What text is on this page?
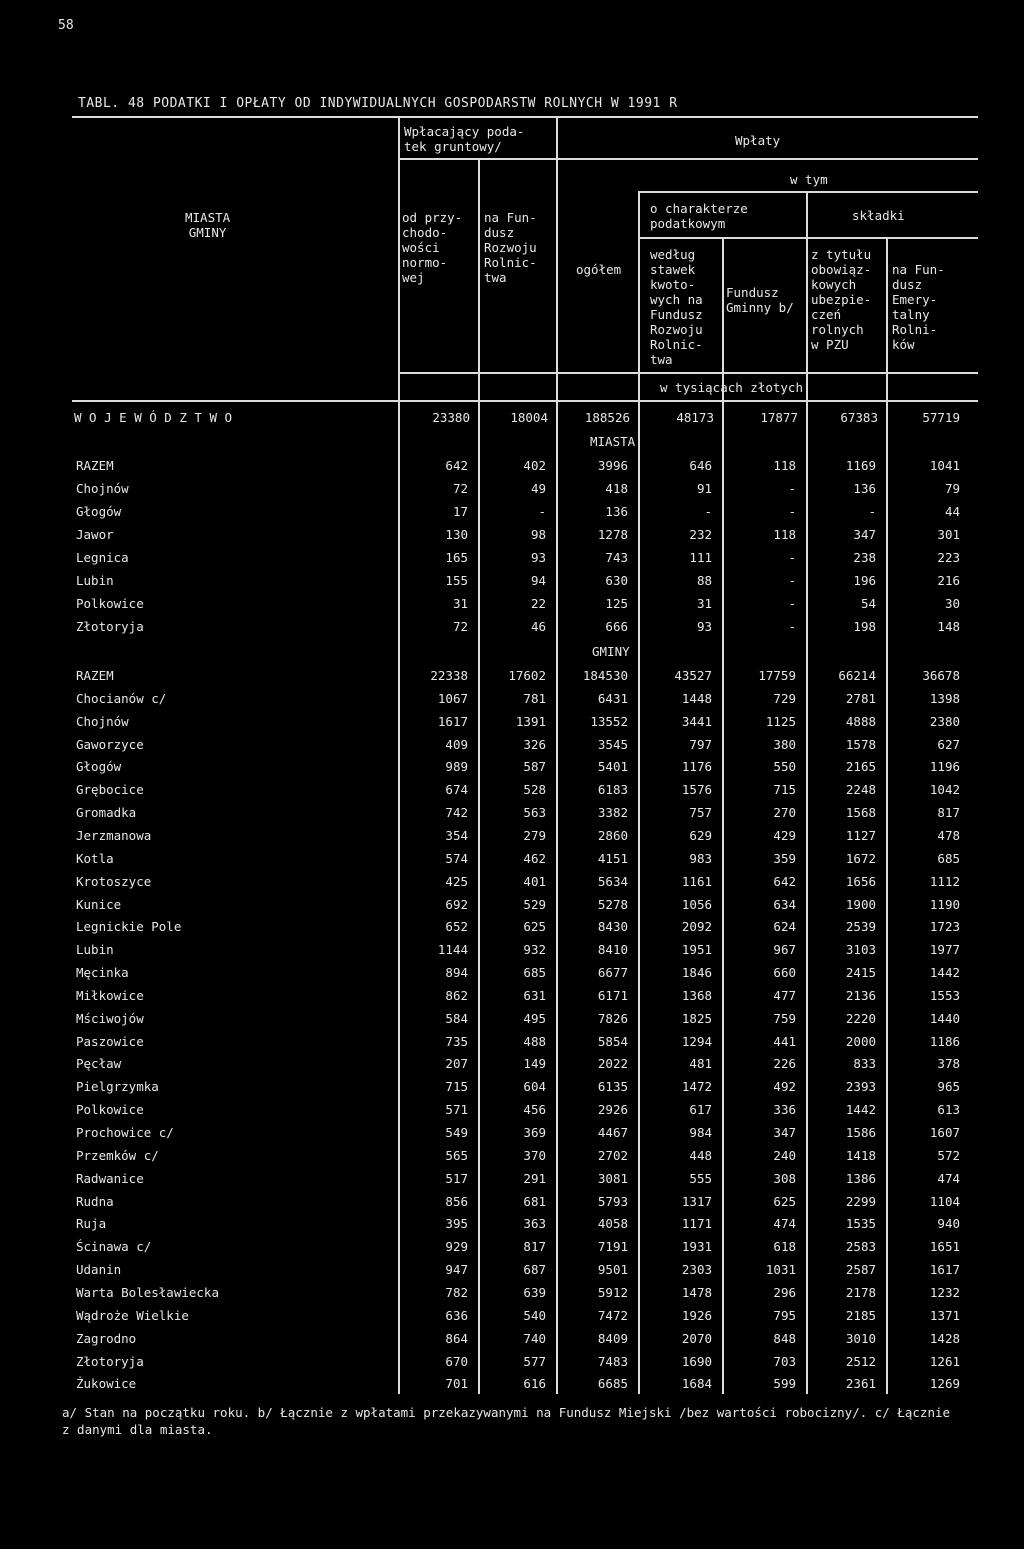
58
TABL. 48 PODATKI I OPŁATY OD INDYWIDUALNYCH GOSPODARSTW ROLNYCH W 1991 R
MIASTA
GMINY
Wpłacający poda-
tek gruntowy/
od przy-
chodo-
wości
normo-
wej
na Fun-
dusz
Rozwoju
Rolnic-
twa
Wpłaty
ogółem
w tym
o charakterze
podatkowym
składki
według
stawek
kwoto-
wych na
Fundusz
Rozwoju
Rolnic-
twa
Fundusz
Gminny b/
z tytułu
obowiąz-
kowych
ubezpie-
czeń
rolnych
w PZU
na Fun-
dusz
Emery-
talny
Rolni-
ków
w tysiącach złotych
W O J E W Ó D Z T W O	23380	18004	188526	48173	17877	67383	57719
MIASTA
RAZEM	642	402	3996	646	118	1169	1041
Chojnów	72	49	418	91	-	136	79
Głogów	17	-	136	-	-	-	44
Jawor	130	98	1278	232	118	347	301
Legnica	165	93	743	111	-	238	223
Lubin	155	94	630	88	-	196	216
Polkowice	31	22	125	31	-	54	30
Złotoryja	72	46	666	93	-	198	148
GMINY
RAZEM	22338	17602	184530	43527	17759	66214	36678
Chocianów c/	1067	781	6431	1448	729	2781	1398
Chojnów	1617	1391	13552	3441	1125	4888	2380
Gaworzyce	409	326	3545	797	380	1578	627
Głogów	989	587	5401	1176	550	2165	1196
Grębocice	674	528	6183	1576	715	2248	1042
Gromadka	742	563	3382	757	270	1568	817
Jerzmanowa	354	279	2860	629	429	1127	478
Kotla	574	462	4151	983	359	1672	685
Krotoszyce	425	401	5634	1161	642	1656	1112
Kunice	692	529	5278	1056	634	1900	1190
Legnickie Pole	652	625	8430	2092	624	2539	1723
Lubin	1144	932	8410	1951	967	3103	1977
Męcinka	894	685	6677	1846	660	2415	1442
Miłkowice	862	631	6171	1368	477	2136	1553
Mściwojów	584	495	7826	1825	759	2220	1440
Paszowice	735	488	5854	1294	441	2000	1186
Pęcław	207	149	2022	481	226	833	378
Pielgrzymka	715	604	6135	1472	492	2393	965
Polkowice	571	456	2926	617	336	1442	613
Prochowice c/	549	369	4467	984	347	1586	1607
Przemków c/	565	370	2702	448	240	1418	572
Radwanice	517	291	3081	555	308	1386	474
Rudna	856	681	5793	1317	625	2299	1104
Ruja	395	363	4058	1171	474	1535	940
Ścinawa c/	929	817	7191	1931	618	2583	1651
Udanin	947	687	9501	2303	1031	2587	1617
Warta Bolesławiecka	782	639	5912	1478	296	2178	1232
Wądroże Wielkie	636	540	7472	1926	795	2185	1371
Zagrodno	864	740	8409	2070	848	3010	1428
Złotoryja	670	577	7483	1690	703	2512	1261
Żukowice	701	616	6685	1684	599	2361	1269
a/ Stan na początku roku. b/ Łącznie z wpłatami przekazywanymi na Fundusz Miejski /bez wartości robocizny/. c/ Łącznie z danymi dla miasta.
